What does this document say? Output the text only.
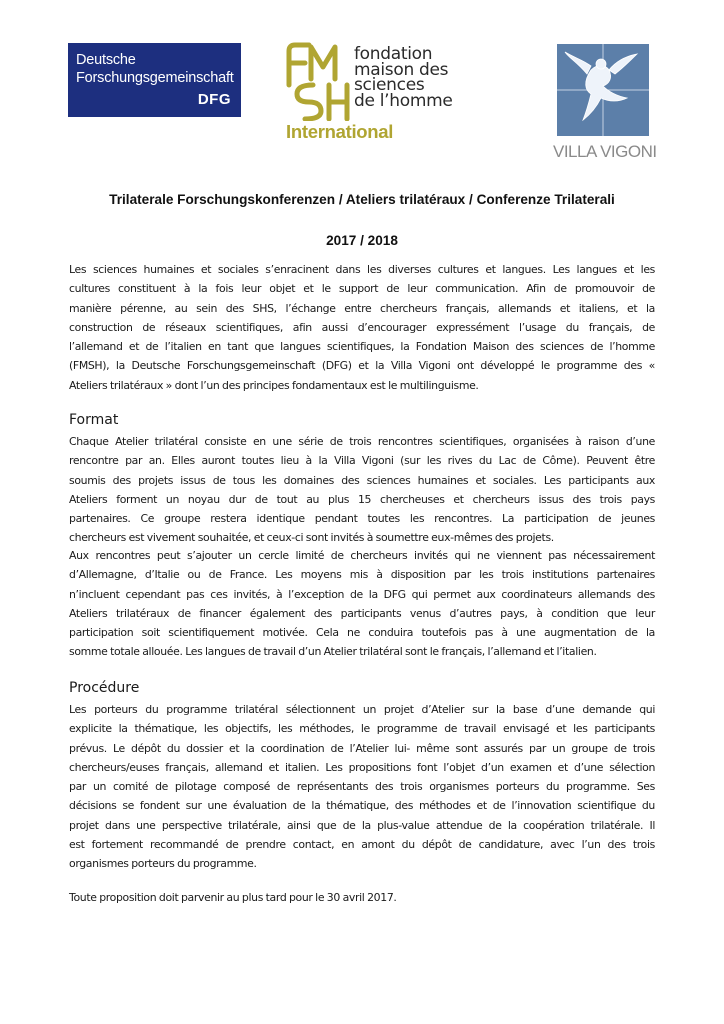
Deutsche
Forschungsgemeinschaft
DFG
fondation
maison des
sciences
de l’homme
International
VILLA VIGONI
Trilaterale Forschungskonferenzen / Ateliers trilatéraux / Conferenze Trilaterali
2017 / 2018
Les sciences humaines et sociales s’enracinent dans les diverses cultures et langues. Les langues et les
cultures constituent à la fois leur objet et le support de leur communication. Afin de promouvoir de
manière pérenne, au sein des SHS, l’échange entre chercheurs français, allemands et italiens, et la
construction de réseaux scientifiques, afin aussi d’encourager expressément l’usage du français, de
l’allemand et de l’italien en tant que langues scientifiques, la Fondation Maison des sciences de l’homme
(FMSH), la Deutsche Forschungsgemeinschaft (DFG) et la Villa Vigoni ont développé le programme des «
Ateliers trilatéraux » dont l’un des principes fondamentaux est le multilinguisme.
Format
Chaque Atelier trilatéral consiste en une série de trois rencontres scientifiques, organisées à raison d’une
rencontre par an. Elles auront toutes lieu à la Villa Vigoni (sur les rives du Lac de Côme). Peuvent être
soumis des projets issus de tous les domaines des sciences humaines et sociales. Les participants aux
Ateliers forment un noyau dur de tout au plus 15 chercheuses et chercheurs issus des trois pays
partenaires. Ce groupe restera identique pendant toutes les rencontres. La participation de jeunes
chercheurs est vivement souhaitée, et ceux-ci sont invités à soumettre eux-mêmes des projets.
Aux rencontres peut s’ajouter un cercle limité de chercheurs invités qui ne viennent pas nécessairement
d’Allemagne, d’Italie ou de France. Les moyens mis à disposition par les trois institutions partenaires
n’incluent cependant pas ces invités, à l’exception de la DFG qui permet aux coordinateurs allemands des
Ateliers trilatéraux de financer également des participants venus d’autres pays, à condition que leur
participation soit scientifiquement motivée. Cela ne conduira toutefois pas à une augmentation de la
somme totale allouée. Les langues de travail d’un Atelier trilatéral sont le français, l’allemand et l’italien.
Procédure
Les porteurs du programme trilatéral sélectionnent un projet d’Atelier sur la base d’une demande qui
explicite la thématique, les objectifs, les méthodes, le programme de travail envisagé et les participants
prévus. Le dépôt du dossier et la coordination de l’Atelier lui- même sont assurés par un groupe de trois
chercheurs/euses français, allemand et italien. Les propositions font l’objet d’un examen et d’une sélection
par un comité de pilotage composé de représentants des trois organismes porteurs du programme. Ses
décisions se fondent sur une évaluation de la thématique, des méthodes et de l’innovation scientifique du
projet dans une perspective trilatérale, ainsi que de la plus-value attendue de la coopération trilatérale. Il
est fortement recommandé de prendre contact, en amont du dépôt de candidature, avec l’un des trois
organismes porteurs du programme.
Toute proposition doit parvenir au plus tard pour le 30 avril 2017.
